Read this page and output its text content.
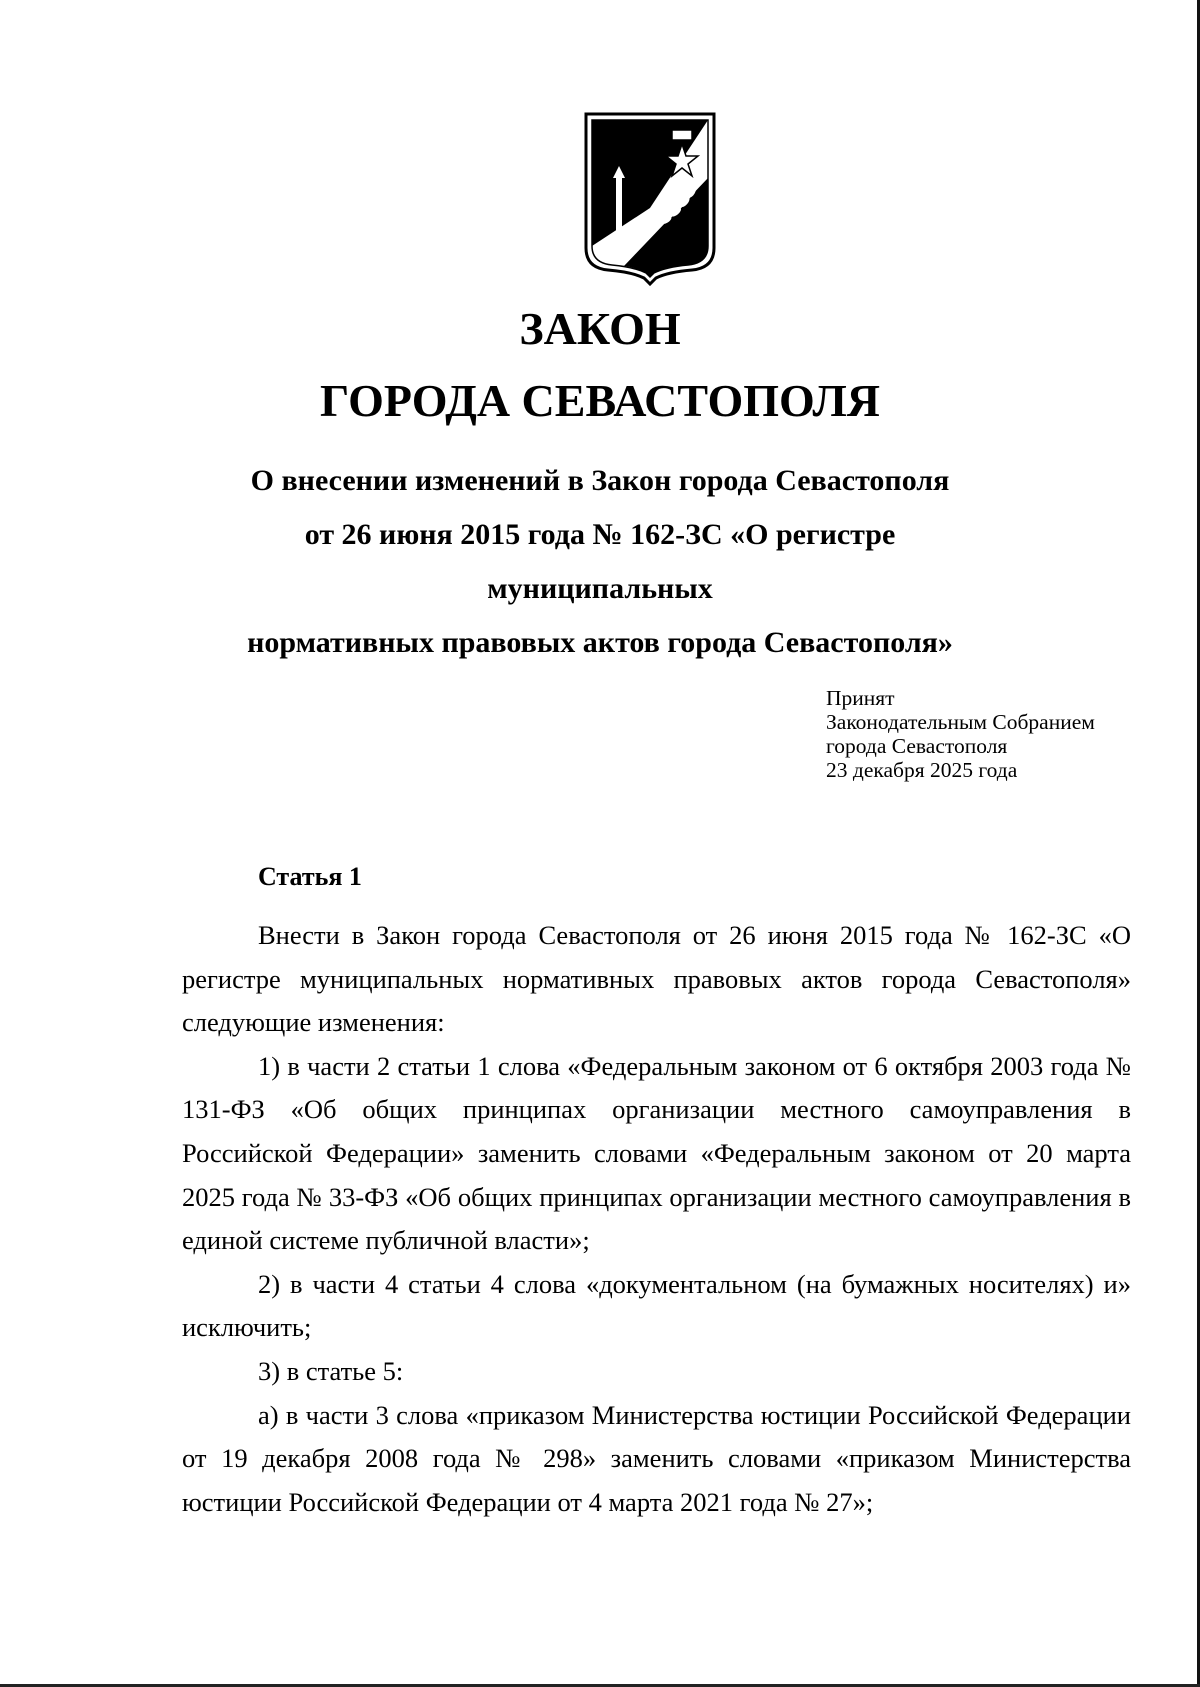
ЗАКОН
ГОРОДА СЕВАСТОПОЛЯ
О внесении изменений в Закон города Севастополя
от 26 июня 2015 года № 162-ЗС «О регистре муниципальных
нормативных правовых актов города Севастополя»
Принят
Законодательным Собранием
города Севастополя
23 декабря 2025 года
Статья 1

Внести в Закон города Севастополя от 26 июня 2015 года № 162-ЗС «О регистре муниципальных нормативных правовых актов города Севастополя» следующие изменения:

1) в части 2 статьи 1 слова «Федеральным законом от 6 октября 2003 года № 131-ФЗ «Об общих принципах организации местного самоуправления в Российской Федерации» заменить словами «Федеральным законом от 20 марта 2025 года № 33-ФЗ «Об общих принципах организации местного самоуправления в единой системе публичной власти»;

2) в части 4 статьи 4 слова «документальном (на бумажных носителях) и» исключить;

3) в статье 5:

а) в части 3 слова «приказом Министерства юстиции Российской Федерации от 19 декабря 2008 года № 298» заменить словами «приказом Министерства юстиции Российской Федерации от 4 марта 2021 года № 27»;
